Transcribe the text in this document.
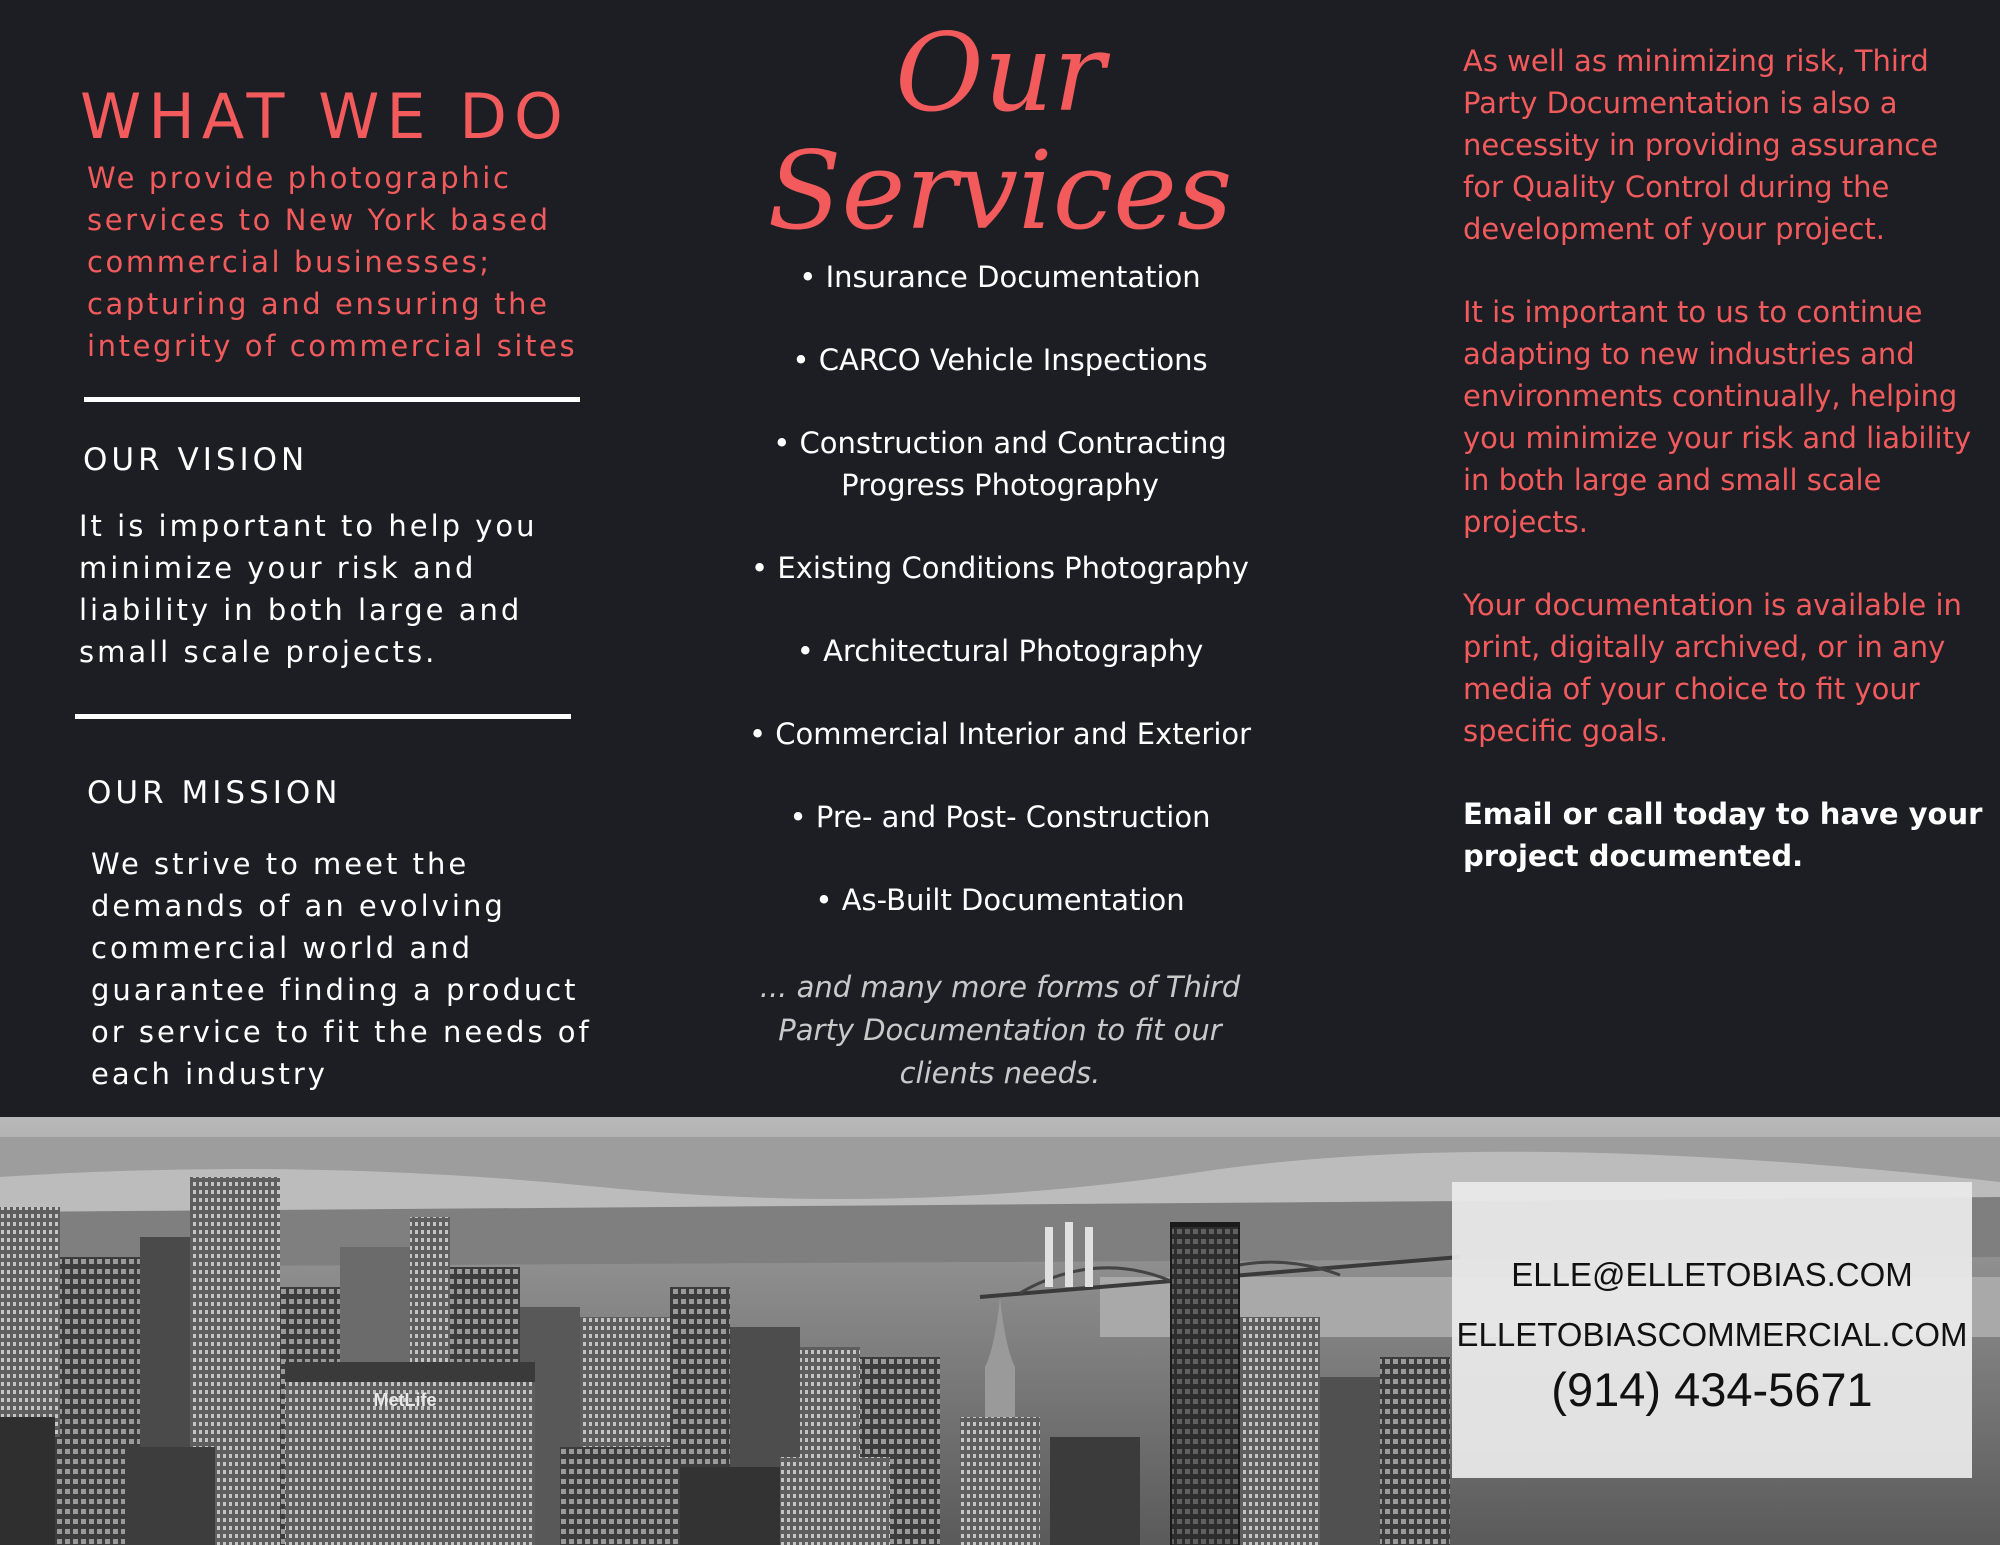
WHAT WE DO
We provide photographic services to New York based commercial businesses; capturing and ensuring the integrity of commercial sites
OUR VISION
It is important to help you minimize your risk and liability in both large and small scale projects.
OUR MISSION
We strive to meet the demands of an evolving commercial world and guarantee finding a product or service to fit the needs of each industry
Our
Services
• Insurance Documentation
• CARCO Vehicle Inspections
• Construction and Contracting Progress Photography
• Existing Conditions Photography
• Architectural Photography
• Commercial Interior and Exterior
• Pre- and Post- Construction
• As-Built Documentation
... and many more forms of Third Party Documentation to fit our clients needs.

As well as minimizing risk, Third Party Documentation is also a necessity in providing assurance for Quality Control during the development of your project.

It is important to us to continue adapting to new industries and environments continually, helping you minimize your risk and liability in both large and small scale projects.

Your documentation is available in print, digitally archived, or in any media of your choice to fit your specific goals.

Email or call today to have your project documented.

MetLife
ELLE@ELLETOBIAS.COM
ELLETOBIASCOMMERCIAL.COM
(914) 434-5671
